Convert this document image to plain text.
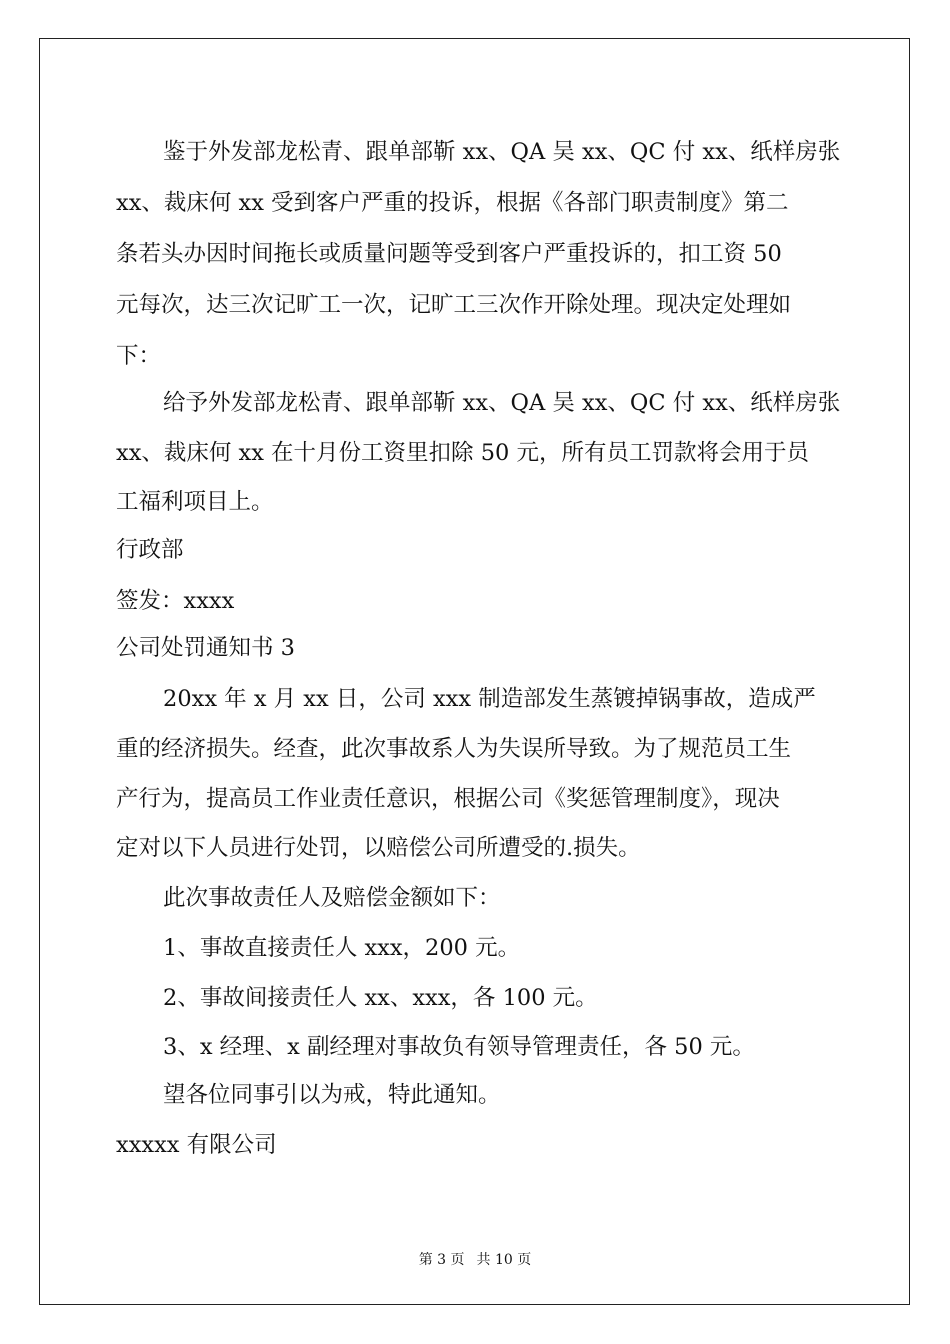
鉴于外发部龙松青、跟单部靳 xx、QA 吴 xx、QC 付 xx、纸样房张
xx、裁床何 xx 受到客户严重的投诉，根据《各部门职责制度》第二
条若头办因时间拖长或质量问题等受到客户严重投诉的，扣工资 50
元每次，达三次记旷工一次，记旷工三次作开除处理。现决定处理如
下：
给予外发部龙松青、跟单部靳 xx、QA 吴 xx、QC 付 xx、纸样房张
xx、裁床何 xx 在十月份工资里扣除 50 元，所有员工罚款将会用于员
工福利项目上。
行政部
签发：xxxx
公司处罚通知书 3
20xx 年 x 月 xx 日，公司 xxx 制造部发生蒸镀掉锅事故，造成严
重的经济损失。经查，此次事故系人为失误所导致。为了规范员工生
产行为，提高员工作业责任意识，根据公司《奖惩管理制度》，现决
定对以下人员进行处罚，以赔偿公司所遭受的.损失。
此次事故责任人及赔偿金额如下：
1、事故直接责任人 xxx，200 元。
2、事故间接责任人 xx、xxx，各 100 元。
3、x 经理、x 副经理对事故负有领导管理责任，各 50 元。
望各位同事引以为戒，特此通知。
xxxxx 有限公司
第 3 页 共 10 页
